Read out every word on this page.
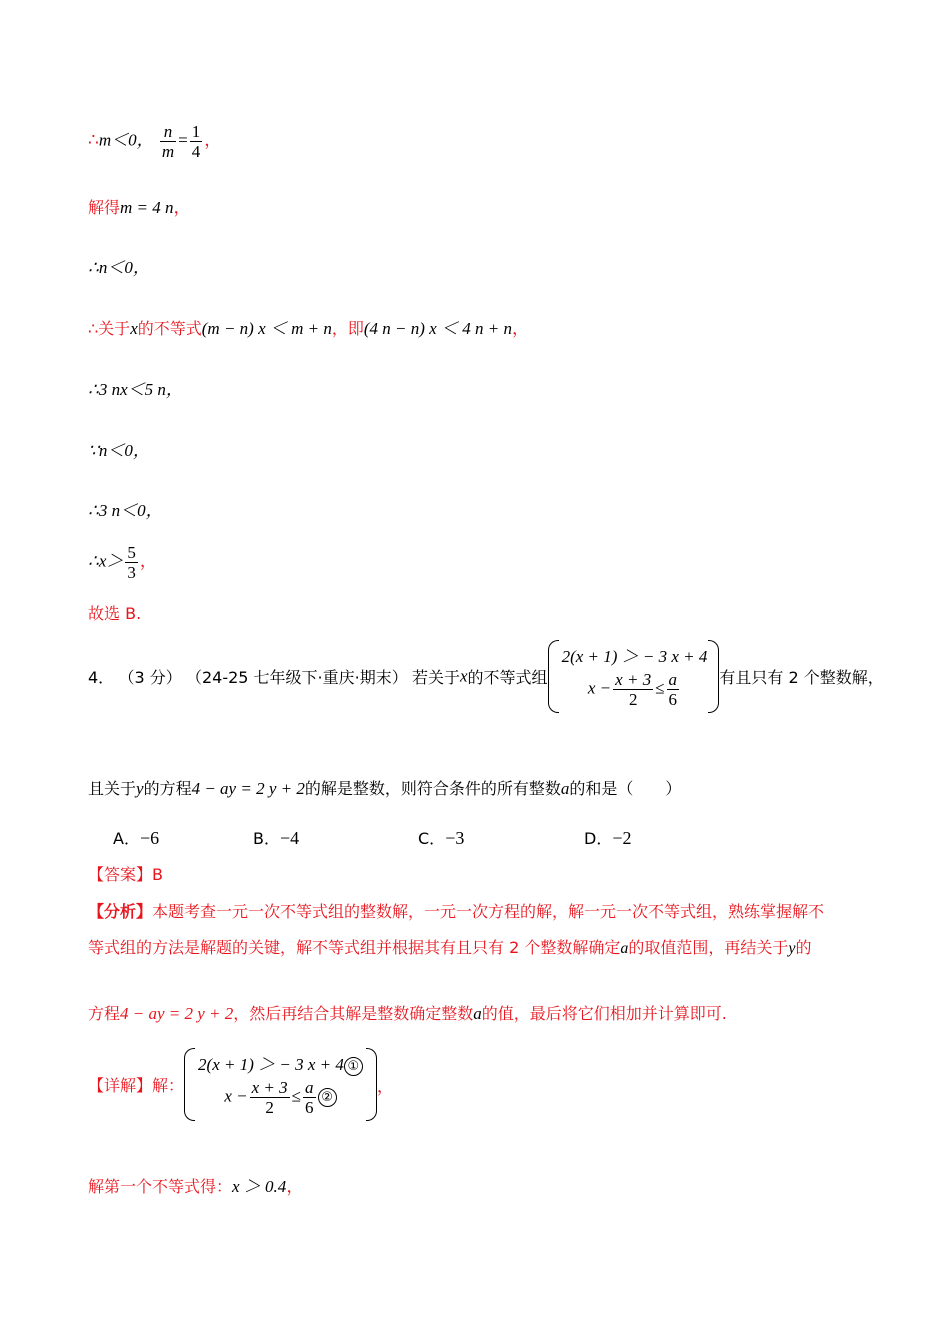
∴m＜0， $\frac{n}{m} = \frac{1}{4}$ ，
解得m = 4 n，
∴n＜0，
∴关于x的不等式(m − n) x ＜ m + n，即(4 n − n) x ＜ 4 n + n，
∴3 nx＜5 n，
∵n＜0，
∴3 n＜0，
∴x＞ $\frac{5}{3}$ ，
故选 B.
4． （3 分） （24-25 七年级下·重庆·期末） 若关于x的不等式组
2(x + 1) ＞ − 3 x + 4
$x - \frac{x + 3}{2} \le \frac{a}{6}$	有且只有 2 个整数解，
且关于y的方程4 − ay = 2 y + 2的解是整数，则符合条件的所有整数a的和是（　　）
A．−6	B．−4	C．−3	D．−2
【答案】B
【分析】本题考查一元一次不等式组的整数解，一元一次方程的解，解一元一次不等式组，熟练掌握解不
等式组的方法是解题的关键，解不等式组并根据其有且只有 2 个整数解确定a的取值范围，再结关于y的
方程4 − ay = 2 y + 2，然后再结合其解是整数确定整数a的值，最后将它们相加并计算即可.
【详解】解：
2(x + 1) ＞ − 3 x + 4 ①
$x - \frac{x + 3}{2} \le \frac{a}{6}$ ②
，
解第一个不等式得：x ＞ 0.4，
